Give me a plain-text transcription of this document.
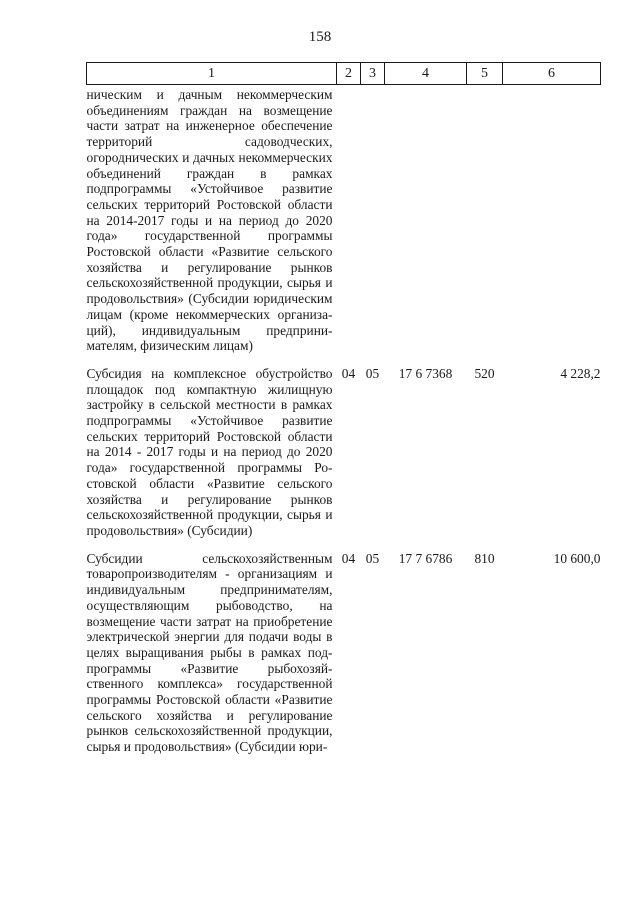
158
1	2	3	4	5	6
ническим и дачным некоммерческим объединениям граждан на возмещение части затрат на инженерное обеспечение территорий садоводческих, огороднических и дачных некоммерческих объединений граждан в рамках подпрограммы «Устойчивое развитие сельских территорий Ростовской области на 2014-2017 годы и на период до 2020 года» государственной программы Ростовской области «Развитие сельского хозяйства и регулирование рынков сельскохозяйственной продукции, сырья и продовольствия» (Субсидии юридическим лицам (кроме некоммерческих организаций), индивидуальным предпринимателям, физическим лицам)					
Субсидия на комплексное обустройство площадок под компактную жилищную застройку в сельской местности в рамках подпрограммы «Устойчивое развитие сельских территорий Ростовской области на 2014 - 2017 годы и на период до 2020 года» государственной программы Ростовской области «Развитие сельского хозяйства и регулирование рынков сельскохозяйственной продукции, сырья и продовольствия» (Субсидии)	04	05	17 6 7368	520	4 228,2
Субсидии сельскохозяйственным товаропроизводителям - организациям и индивидуальным предпринимателям, осуществляющим рыбоводство, на возмещение части затрат на приобретение электрической энергии для подачи воды в целях выращивания рыбы в рамках подпрограммы «Развитие рыбохозяйственного комплекса» государственной программы Ростовской области «Развитие сельского хозяйства и регулирование рынков сельскохозяйственной продукции, сырья и продовольствия» (Субсидии юри-	04	05	17 7 6786	810	10 600,0
